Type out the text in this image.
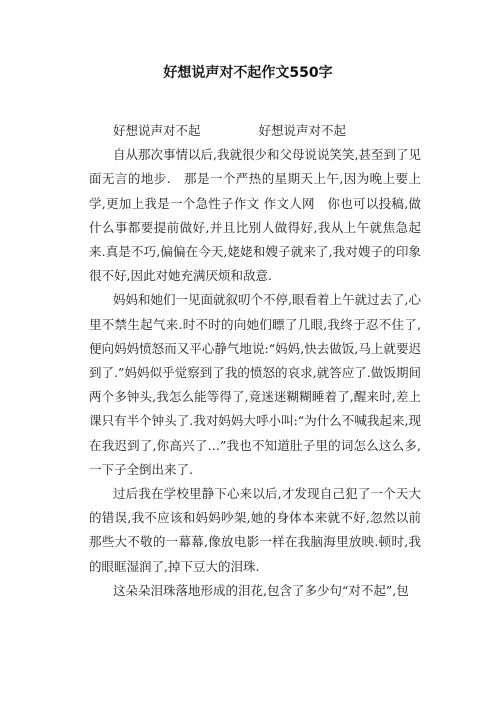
好想说声对不起作文550字
好想说声对不起	好想说声对不起

自从那次事情以后,我就很少和父母说说笑笑,甚至到了见面无言的地步.　那是一个严热的星期天上午,因为晚上要上学,更加上我是一个急性子作文 作文人网　你也可以投稿,做什么事都要提前做好,并且比别人做得好,我从上午就焦急起来.真是不巧,偏偏在今天,姥姥和嫂子就来了,我对嫂子的印象很不好,因此对她充满厌烦和敌意.

妈妈和她们一见面就叙叨个不停,眼看着上午就过去了,心里不禁生起气来.时不时的向她们瞟了几眼,我终于忍不住了,便向妈妈愤怒而又平心静气地说:“妈妈,快去做饭,马上就要迟到了.”妈妈似乎觉察到了我的愤怒的哀求,就答应了.做饭期间两个多钟头,我怎么能等得了,竟迷迷糊糊睡着了,醒来时,差上课只有半个钟头了.我对妈妈大呼小叫:“为什么不喊我起来,现在我迟到了,你高兴了…”我也不知道肚子里的词怎么这么多,一下子全倒出来了.

过后我在学校里静下心来以后,才发现自己犯了一个天大的错误,我不应该和妈妈吵架,她的身体本来就不好,忽然以前那些大不敬的一幕幕,像放电影一样在我脑海里放映.顿时,我的眼眶湿润了,掉下豆大的泪珠.

这朵朵泪珠落地形成的泪花,包含了多少句“对不起”,包
